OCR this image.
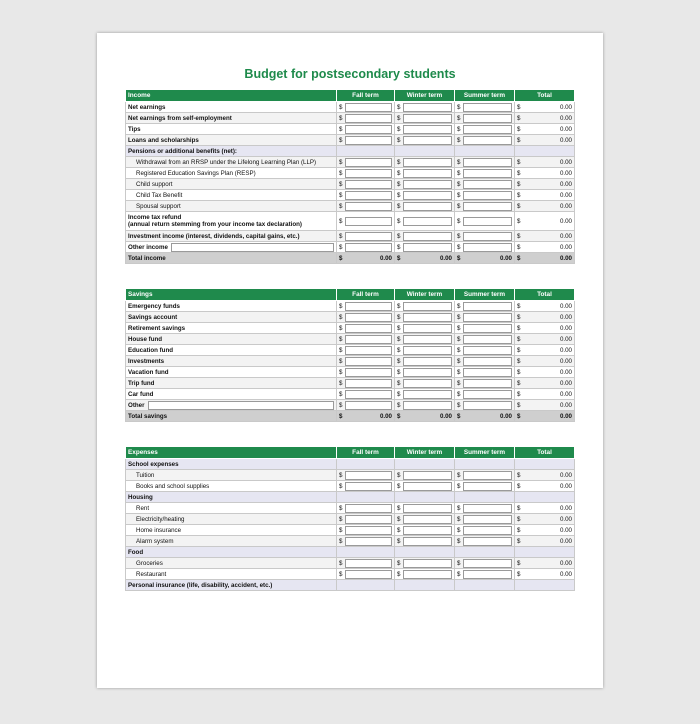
Budget for postsecondary students
Income	Fall term	Winter term	Summer term	Total
Net earnings	$	$	$	$ 0.00

Net earnings from self-employment	$	$	$	$ 0.00

Tips	$	$	$	$ 0.00

Loans and scholarships	$	$	$	$ 0.00

Pensions or additional benefits (net):				
Withdrawal from an RRSP under the Lifelong Learning Plan (LLP)	$	$	$	$ 0.00

Registered Education Savings Plan (RESP)	$	$	$	$ 0.00

Child support	$	$	$	$ 0.00

Child Tax Benefit	$	$	$	$ 0.00

Spousal support	$	$	$	$ 0.00

Income tax refund
(annual return stemming from your income tax declaration)	$	$	$	$ 0.00

Investment income (interest, dividends, capital gains, etc.)	$	$	$	$ 0.00

Other income	$	$	$	$ 0.00

Total income	$ 0.00	$ 0.00	$ 0.00	$ 0.00
Savings	Fall term	Winter term	Summer term	Total
Emergency funds	$	$	$	$ 0.00

Savings account	$	$	$	$ 0.00

Retirement savings	$	$	$	$ 0.00

House fund	$	$	$	$ 0.00

Education fund	$	$	$	$ 0.00

Investments	$	$	$	$ 0.00

Vacation fund	$	$	$	$ 0.00

Trip fund	$	$	$	$ 0.00

Car fund	$	$	$	$ 0.00

Other	$	$	$	$ 0.00

Total savings	$ 0.00	$ 0.00	$ 0.00	$ 0.00
Expenses	Fall term	Winter term	Summer term	Total
School expenses				
Tuition	$	$	$	$ 0.00

Books and school supplies	$	$	$	$ 0.00

Housing				
Rent	$	$	$	$ 0.00

Electricity/heating	$	$	$	$ 0.00

Home insurance	$	$	$	$ 0.00

Alarm system	$	$	$	$ 0.00

Food				
Groceries	$	$	$	$ 0.00

Restaurant	$	$	$	$ 0.00

Personal insurance (life, disability, accident, etc.)				
